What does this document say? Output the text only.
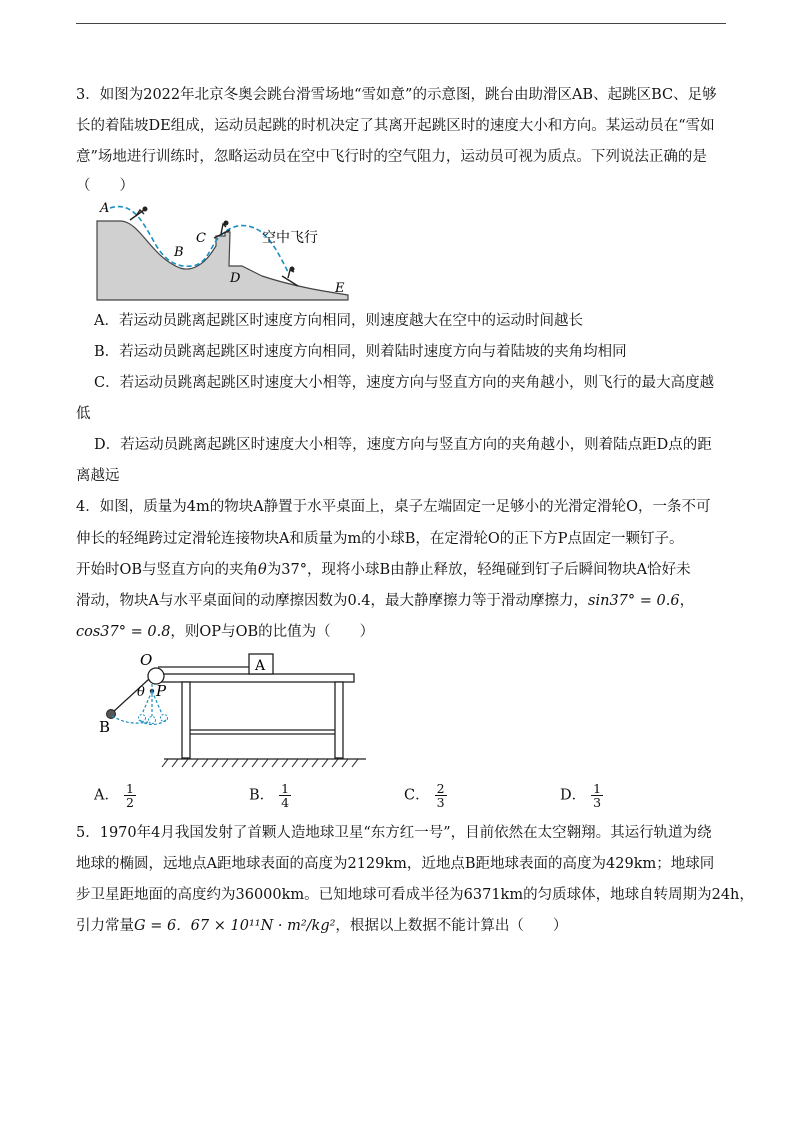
3．如图为2022年北京冬奥会跳台滑雪场地“雪如意”的示意图，跳台由助滑区AB、起跳区BC、足够
长的着陆坡DE组成，运动员起跳的时机决定了其离开起跳区时的速度大小和方向。某运动员在“雪如
意”场地进行训练时，忽略运动员在空中飞行时的空气阻力，运动员可视为质点。下列说法正确的是
（　　）
A
B
C
D
E
空中飞行
A．若运动员跳离起跳区时速度方向相同，则速度越大在空中的运动时间越长
B．若运动员跳离起跳区时速度方向相同，则着陆时速度方向与着陆坡的夹角均相同
C．若运动员跳离起跳区时速度大小相等，速度方向与竖直方向的夹角越小，则飞行的最大高度越
低
D．若运动员跳离起跳区时速度大小相等，速度方向与竖直方向的夹角越小，则着陆点距D点的距
离越远
4．如图，质量为4m的物块A静置于水平桌面上，桌子左端固定一足够小的光滑定滑轮O，一条不可
伸长的轻绳跨过定滑轮连接物块A和质量为m的小球B，在定滑轮O的正下方P点固定一颗钉子。
开始时OB与竖直方向的夹角θ为37°，现将小球B由静止释放，轻绳碰到钉子后瞬间物块A恰好未
滑动，物块A与水平桌面间的动摩擦因数为0.4，最大静摩擦力等于滑动摩擦力，sin37° = 0.6，
cos37° = 0.8，则OP与OB的比值为（　　）
O	A
P
θ
B
A． $\frac{1}{2}$	B． $\frac{1}{4}$	C． $\frac{2}{3}$	D． $\frac{1}{3}$
5．1970年4月我国发射了首颗人造地球卫星“东方红一号”，目前依然在太空翱翔。其运行轨道为绕
地球的椭圆，远地点A距地球表面的高度为2129km，近地点B距地球表面的高度为429km；地球同
步卫星距地面的高度约为36000km。已知地球可看成半径为6371km的匀质球体，地球自转周期为24h，
引力常量G = 6．67 × 10¹¹N · m²/kg²，根据以上数据不能计算出（　　）
